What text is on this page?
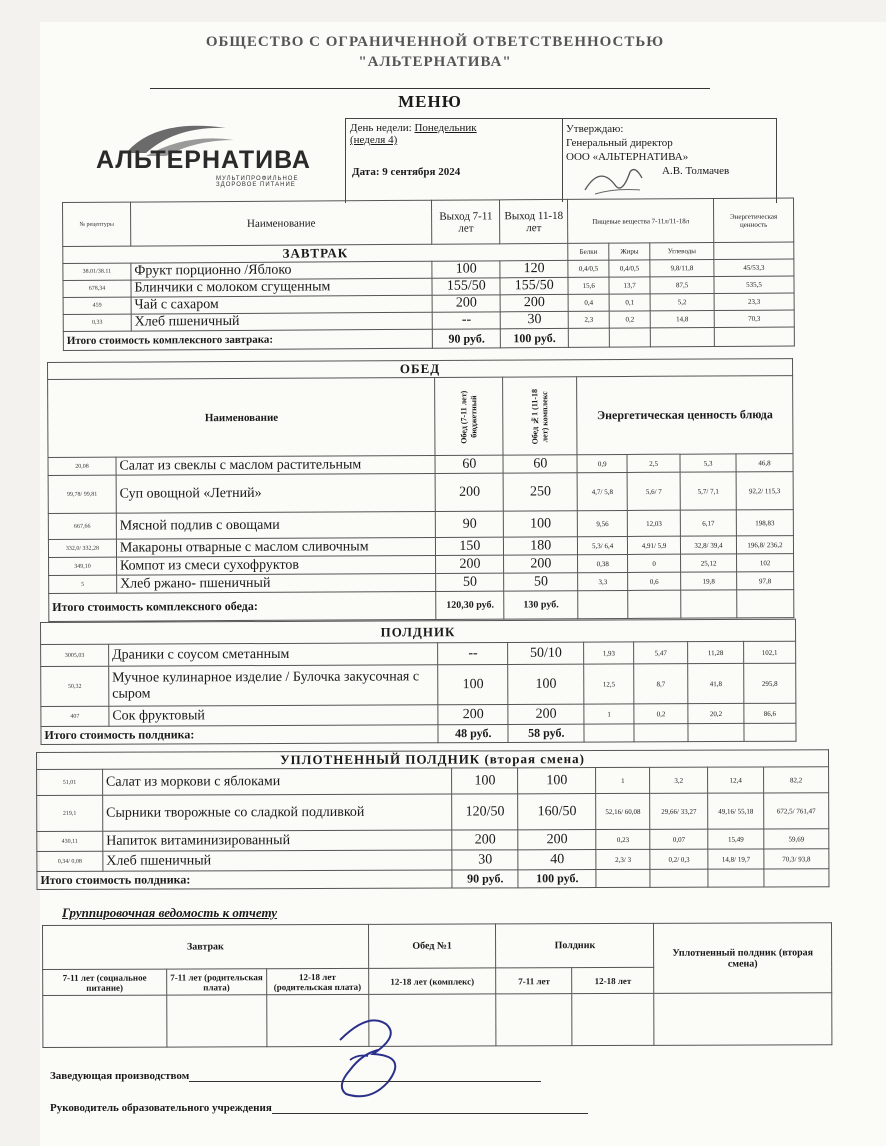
ОБЩЕСТВО С ОГРАНИЧЕННОЙ ОТВЕТСТВЕННОСТЬЮ
"АЛЬТЕРНАТИВА"
МЕНЮ
АЛЬТЕРНАТИВА
МУЛЬТИПРОФИЛЬНОЕ ЗДОРОВОЕ ПИТАНИЕ
День недели: Понедельник
(неделя 4)
Дата: 9 сентября 2024
Утверждаю:
Генеральный директор
ООО «АЛЬТЕРНАТИВА»
А.В. Толмачев
№ рецептуры	Наименование	Выход 7-11 лет	Выход 11-18 лет	Пищевые вещества 7-11л/11-18л			Энергетическая ценность
ЗАВТРАК				Белки	Жиры	Углеводы	
38.01/38.11	Фрукт порционно /Яблоко	100	120	0,4/0,5	0,4/0,5	9,8/11,8	45/53,3
678,34	Блинчики с молоком сгущенным	155/50	155/50	15,6	13,7	87,5	535,5
459	Чай с сахаром	200	200	0,4	0,1	5,2	23,3
0,33	Хлеб пшеничный	--	30	2,3	0,2	14,8	70,3
Итого стоимость комплексного завтрака:		90 руб.	100 руб.				
ОБЕД							
Наименование		Обед (7-11 лет) бюджетный	Обед №1 (11-18 лет) комплекс	Энергетическая ценность блюда			
20,08	Салат из свеклы с маслом растительным	60	60	0,9	2,5	5,3	46,8
99,78/ 99,81	Суп овощной «Летний»	200	250	4,7/ 5,8	5,6/ 7	5,7/ 7,1	92,2/ 115,3
667,66	Мясной подлив с овощами	90	100	9,56	12,03	6,17	198,83
332,0/ 332,28	Макароны отварные с маслом сливочным	150	180	5,3/ 6,4	4,91/ 5,9	32,8/ 39,4	196,8/ 236,2
349,10	Компот из смеси сухофруктов	200	200	0,38	0	25,12	102
5	Хлеб ржано- пшеничный	50	50	3,3	0,6	19,8	97,8
Итого стоимость комплексного обеда:		120,30 руб.	130 руб.				
ПОЛДНИК							
3005,03	Драники с соусом сметанным	--	50/10	1,93	5,47	11,28	102,1
50,32	Мучное кулинарное изделие / Булочка закусочная с сыром	100	100	12,5	8,7	41,8	295,8
407	Сок фруктовый	200	200	1	0,2	20,2	86,6
Итого стоимость полдника:		48 руб.	58 руб.				
УПЛОТНЕННЫЙ ПОЛДНИК (вторая смена)							
51,01	Салат из моркови с яблоками	100	100	1	3,2	12,4	82,2
219,1	Сырники творожные со сладкой подливкой	120/50	160/50	52,16/ 60,08	29,66/ 33,27	49,16/ 55,18	672,5/ 761,47
430,11	Напиток витаминизированный	200	200	0,23	0,07	15,49	59,69
0,34/ 0,08	Хлеб пшеничный	30	40	2,3/ 3	0,2/ 0,3	14,8/ 19,7	70,3/ 93,8
Итого стоимость полдника:		90 руб.	100 руб.				
Группировочная ведомость к отчету
Завтрак			Обед №1	Полдник		Уплотненный полдник (вторая смена)
7-11 лет (социальное питание)	7-11 лет (родительская плата)	12-18 лет (родительская плата)	12-18 лет (комплекс)	7-11 лет	12-18 лет	

Заведующая производством
Руководитель образовательного учреждения
